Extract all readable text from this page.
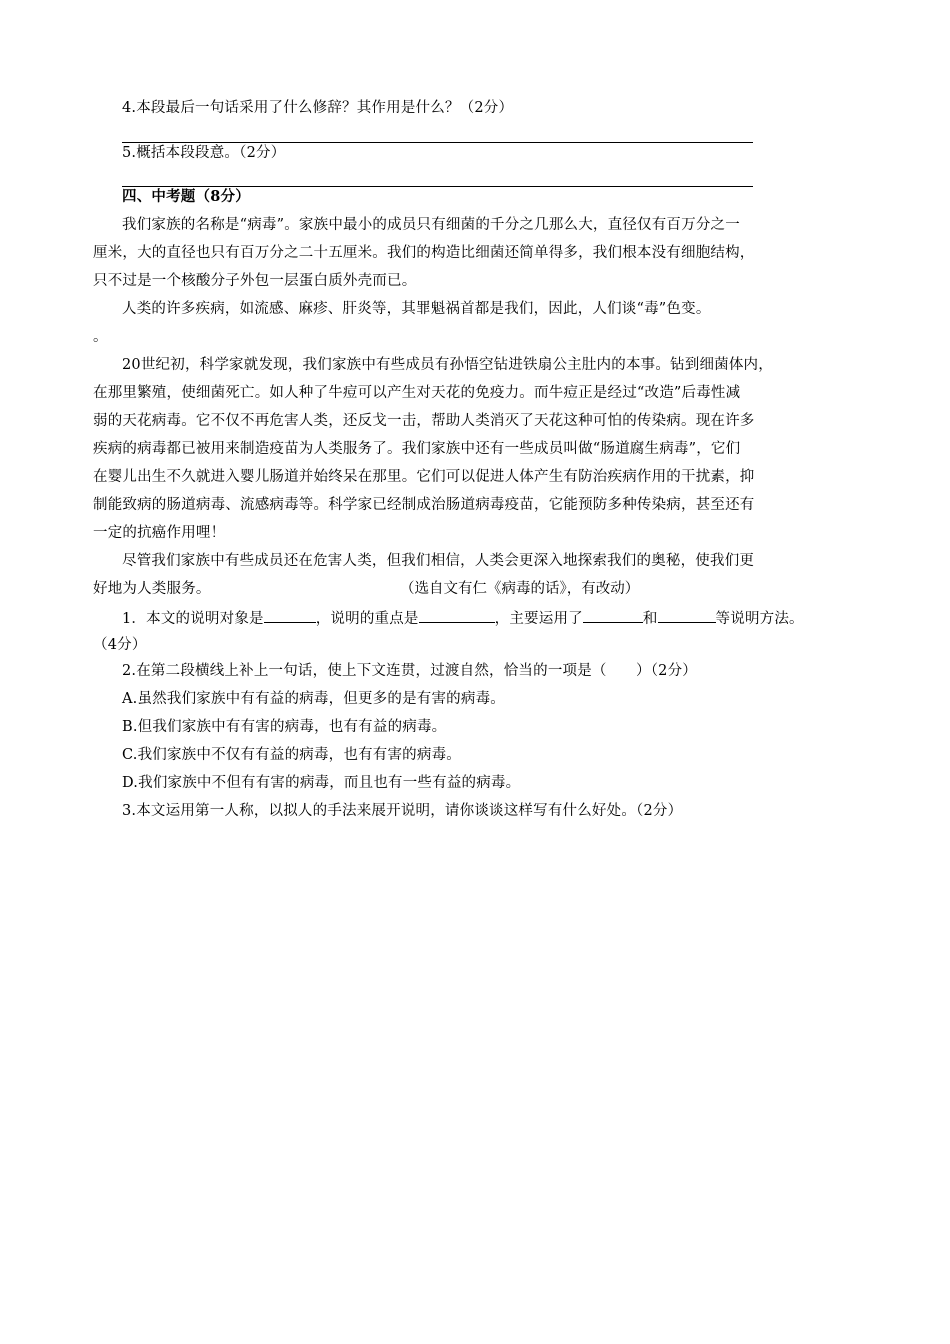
4.本段最后一句话采用了什么修辞？其作用是什么？（2分）
5.概括本段段意。（2分）
四、中考题（8分）
我们家族的名称是“病毒”。家族中最小的成员只有细菌的千分之几那么大，直径仅有百万分之一
厘米，大的直径也只有百万分之二十五厘米。我们的构造比细菌还简单得多，我们根本没有细胞结构，
只不过是一个核酸分子外包一层蛋白质外壳而已。
人类的许多疾病，如流感、麻疹、肝炎等，其罪魁祸首都是我们，因此，人们谈“毒”色变。
。
20世纪初，科学家就发现，我们家族中有些成员有孙悟空钻进铁扇公主肚内的本事。钻到细菌体内，
在那里繁殖，使细菌死亡。如人种了牛痘可以产生对天花的免疫力。而牛痘正是经过“改造”后毒性减
弱的天花病毒。它不仅不再危害人类，还反戈一击，帮助人类消灭了天花这种可怕的传染病。现在许多
疾病的病毒都已被用来制造疫苗为人类服务了。我们家族中还有一些成员叫做“肠道腐生病毒”，它们
在婴儿出生不久就进入婴儿肠道并始终呆在那里。它们可以促进人体产生有防治疾病作用的干扰素，抑
制能致病的肠道病毒、流感病毒等。科学家已经制成治肠道病毒疫苗，它能预防多种传染病，甚至还有
一定的抗癌作用哩！
尽管我们家族中有些成员还在危害人类，但我们相信，人类会更深入地探索我们的奥秘，使我们更
好地为人类服务。	（选自文有仁《病毒的话》，有改动）
1．本文的说明对象是	，说明的重点是	，主要运用了	和	等说明方法。
（4分）
2.在第二段横线上补上一句话，使上下文连贯，过渡自然，恰当的一项是（　　）（2分）
A.虽然我们家族中有有益的病毒，但更多的是有害的病毒。
B.但我们家族中有有害的病毒，也有有益的病毒。
C.我们家族中不仅有有益的病毒，也有有害的病毒。
D.我们家族中不但有有害的病毒，而且也有一些有益的病毒。
3.本文运用第一人称，以拟人的手法来展开说明，请你谈谈这样写有什么好处。（2分）
